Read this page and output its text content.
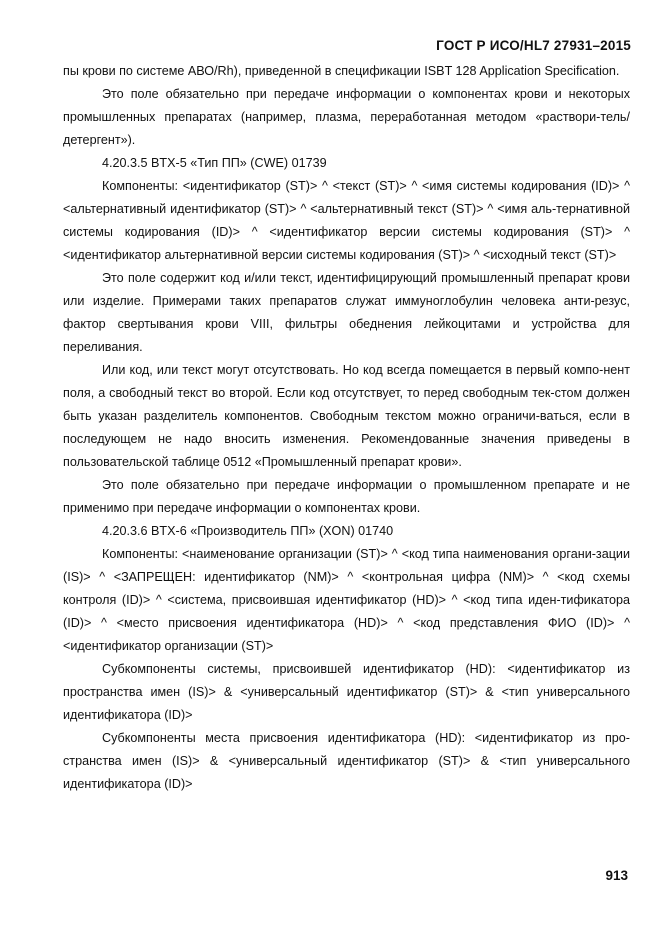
ГОСТ Р ИСО/HL7 27931–2015

пы крови по системе АВО/Rh), приведенной в спецификации ISBT 128 Application Specification.

Это поле обязательно при передаче информации о компонентах крови и некоторых промышленных препаратах (например, плазма, переработанная методом «раствори-тель/детергент»).

4.20.3.5 BTX-5 «Тип ПП» (CWE) 01739

Компоненты: <идентификатор (ST)> ^ <текст (ST)> ^ <имя системы кодирования (ID)> ^ <альтернативный идентификатор (ST)> ^ <альтернативный текст (ST)> ^ <имя аль-тернативной системы кодирования (ID)> ^ <идентификатор версии системы кодирования (ST)> ^ <идентификатор альтернативной версии системы кодирования (ST)> ^ <исходный текст (ST)>

Это поле содержит код и/или текст, идентифицирующий промышленный препарат крови или изделие. Примерами таких препаратов служат иммуноглобулин человека анти-резус, фактор свертывания крови VIII, фильтры обеднения лейкоцитами и устройства для переливания.

Или код, или текст могут отсутствовать. Но код всегда помещается в первый компо-нент поля, а свободный текст во второй. Если код отсутствует, то перед свободным тек-стом должен быть указан разделитель компонентов. Свободным текстом можно ограничи-ваться, если в последующем не надо вносить изменения. Рекомендованные значения приведены в пользовательской таблице 0512 «Промышленный препарат крови».

Это поле обязательно при передаче информации о промышленном препарате и не применимо при передаче информации о компонентах крови.

4.20.3.6 BTX-6 «Производитель ПП» (XON) 01740

Компоненты: <наименование организации (ST)> ^ <код типа наименования органи-зации (IS)> ^ <ЗАПРЕЩЕН: идентификатор (NM)> ^ <контрольная цифра (NM)> ^ <код схемы контроля (ID)> ^ <система, присвоившая идентификатор (HD)> ^ <код типа иден-тификатора (ID)> ^ <место присвоения идентификатора (HD)> ^ <код представления ФИО (ID)> ^ <идентификатор организации (ST)>

Субкомпоненты системы, присвоившей идентификатор (HD): <идентификатор из пространства имен (IS)> & <универсальный идентификатор (ST)> & <тип универсального идентификатора (ID)>

Субкомпоненты места присвоения идентификатора (HD): <идентификатор из про-странства имен (IS)> & <универсальный идентификатор (ST)> & <тип универсального идентификатора (ID)>

913
